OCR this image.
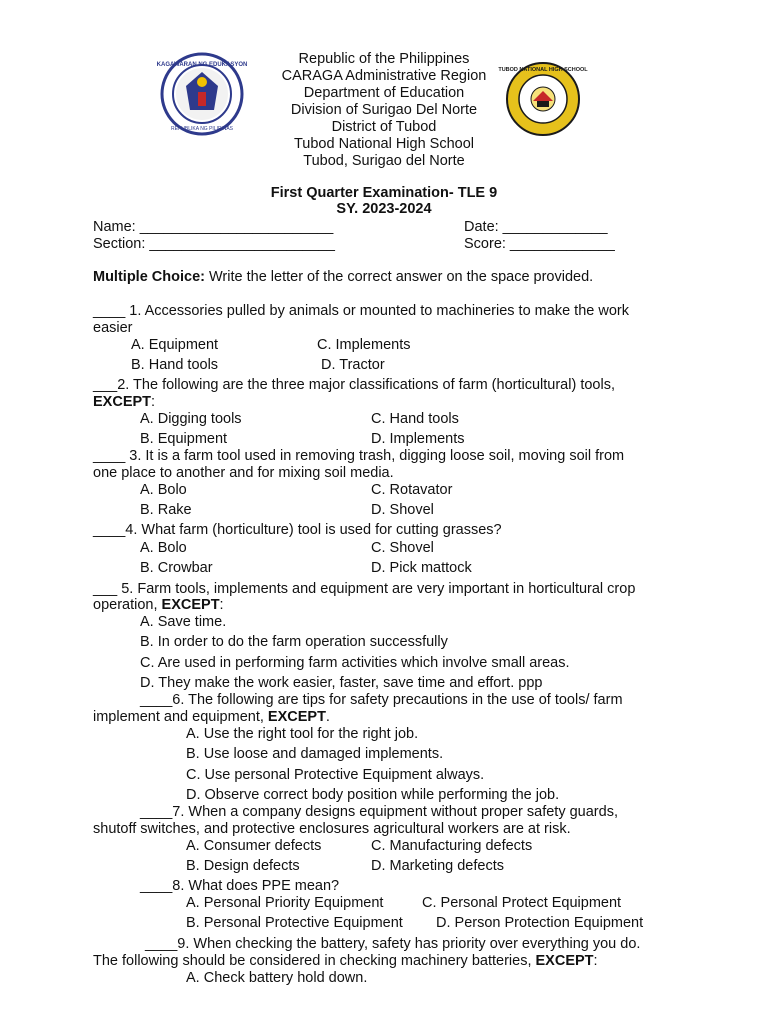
KAGAWARAN NG EDUKASYON
REPUBLIKA NG PILIPINAS
TUBOD NATIONAL HIGH SCHOOL
Republic of the Philippines
CARAGA Administrative Region
Department of Education
Division of Surigao Del Norte
District of Tubod
Tubod National High School
Tubod, Surigao del Norte
First Quarter Examination- TLE 9
SY. 2023-2024
Name: ________________________	Date: _____________
Section: _______________________	Score: _____________
Multiple Choice: Write the letter of the correct answer on the space provided.
____ 1. Accessories pulled by animals or mounted to machineries to make the work
easier
A. Equipment	C. Implements
B. Hand tools	D. Tractor
___2. The following are the three major classifications of farm (horticultural) tools,
EXCEPT:
A. Digging tools	C. Hand tools
B. Equipment	D. Implements
____ 3. It is a farm tool used in removing trash, digging loose soil, moving soil from
one place to another and for mixing soil media.
A. Bolo	C. Rotavator
B. Rake	D. Shovel
____4. What farm (horticulture) tool is used for cutting grasses?
A. Bolo	C. Shovel
B. Crowbar	D. Pick mattock
___ 5. Farm tools, implements and equipment are very important in horticultural crop
operation, EXCEPT:
A. Save time.
B. In order to do the farm operation successfully
C. Are used in performing farm activities which involve small areas.
D. They make the work easier, faster, save time and effort. ppp
____6. The following are tips for safety precautions in the use of tools/ farm
implement and equipment, EXCEPT.
A. Use the right tool for the right job.
B. Use loose and damaged implements.
C. Use personal Protective Equipment always.
D. Observe correct body position while performing the job.
____7. When a company designs equipment without proper safety guards,
shutoff switches, and protective enclosures agricultural workers are at risk.
A. Consumer defects	C. Manufacturing defects
B. Design defects	D. Marketing defects
____8. What does PPE mean?
A. Personal Priority Equipment	C. Personal Protect Equipment
B. Personal Protective Equipment D. Person Protection Equipment
____9. When checking the battery, safety has priority over everything you do.
The following should be considered in checking machinery batteries, EXCEPT:
A. Check battery hold down.
